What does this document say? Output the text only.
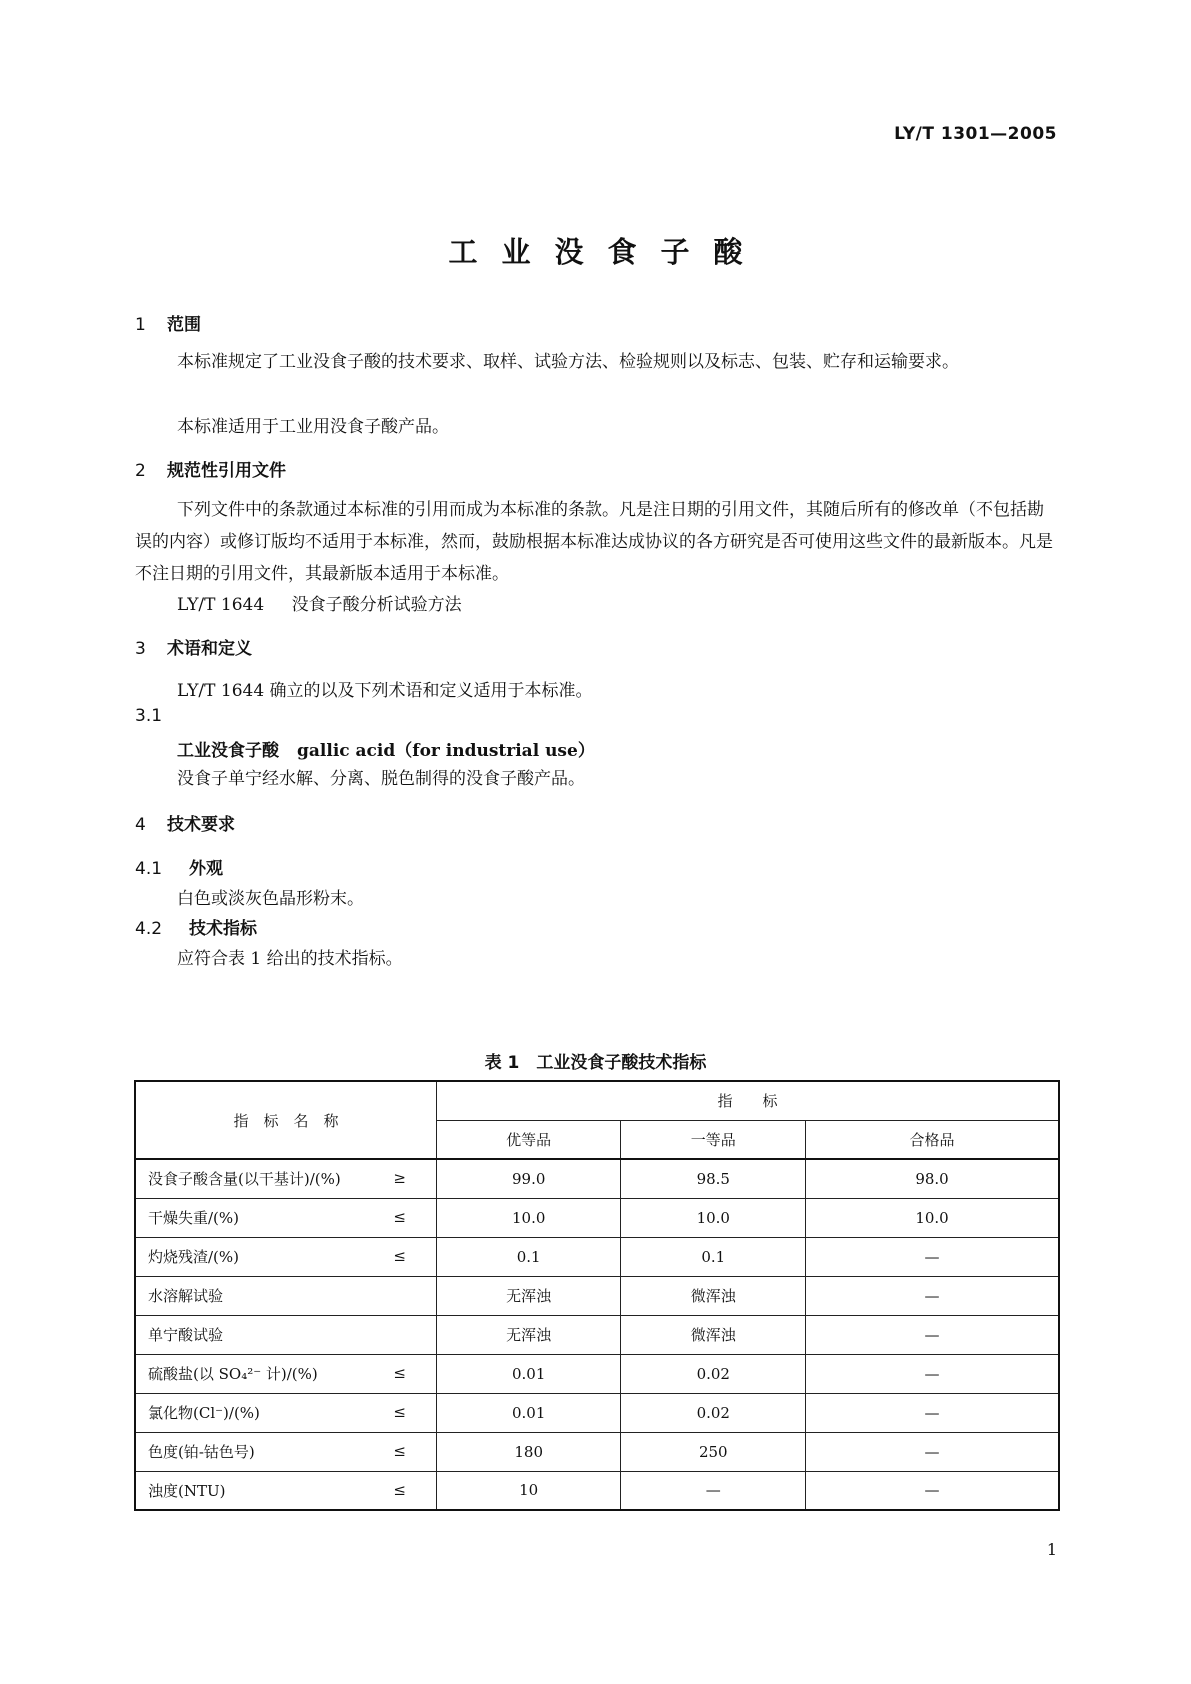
LY/T 1301—2005
工业没食子酸
1 范围
本标准规定了工业没食子酸的技术要求、取样、试验方法、检验规则以及标志、包装、贮存和运输要求。
本标准适用于工业用没食子酸产品。
2 规范性引用文件
下列文件中的条款通过本标准的引用而成为本标准的条款。凡是注日期的引用文件，其随后所有的修改单（不包括勘误的内容）或修订版均不适用于本标准，然而，鼓励根据本标准达成协议的各方研究是否可使用这些文件的最新版本。凡是不注日期的引用文件，其最新版本适用于本标准。
LY/T 1644 没食子酸分析试验方法
3 术语和定义
LY/T 1644 确立的以及下列术语和定义适用于本标准。
3.1
工业没食子酸 gallic acid（for industrial use）
没食子单宁经水解、分离、脱色制得的没食子酸产品。
4 技术要求
4.1 外观
白色或淡灰色晶形粉末。
4.2 技术指标
应符合表 1 给出的技术指标。
表 1　工业没食子酸技术指标
指　标　名　称	指　　标		
	优等品	一等品	合格品
没食子酸含量(以干基计)/(%) ≥	99.0	98.5	98.0
干燥失重/(%) ≤	10.0	10.0	10.0
灼烧残渣/(%) ≤	0.1	0.1	—
水溶解试验	无浑浊	微浑浊	—
单宁酸试验	无浑浊	微浑浊	—
硫酸盐(以 SO₄²⁻ 计)/(%) ≤	0.01	0.02	—
氯化物(Cl⁻)/(%) ≤	0.01	0.02	—
色度(铂-钴色号) ≤	180	250	—
浊度(NTU) ≤	10	—	—
1
